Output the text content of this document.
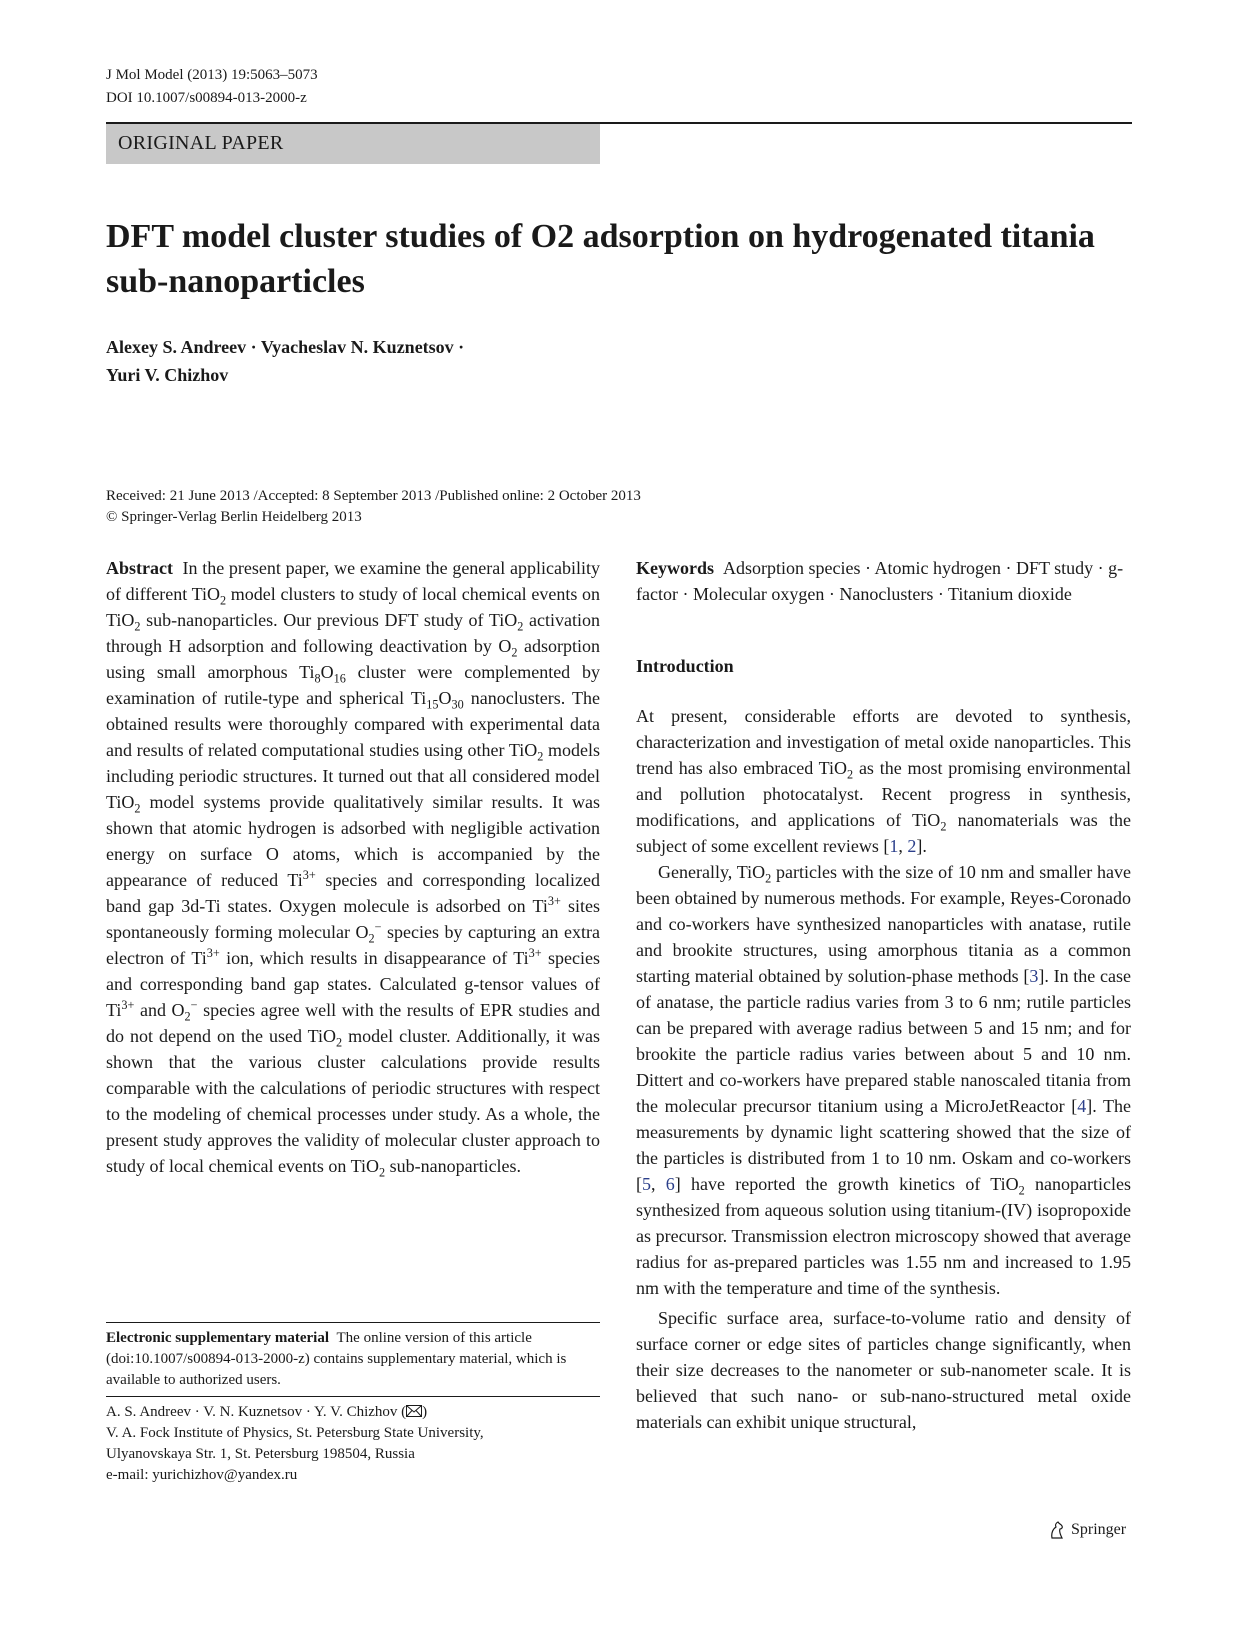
J Mol Model (2013) 19:5063–5073
DOI 10.1007/s00894-013-2000-z
ORIGINAL PAPER
DFT model cluster studies of O2 adsorption on hydrogenated titania sub-nanoparticles
Alexey S. Andreev · Vyacheslav N. Kuznetsov ·
Yuri V. Chizhov
Received: 21 June 2013 /Accepted: 8 September 2013 /Published online: 2 October 2013
© Springer-Verlag Berlin Heidelberg 2013

Abstract In the present paper, we examine the general applicability of different TiO$_2$ model clusters to study of local chemical events on TiO$_2$ sub-nanoparticles. Our previous DFT study of TiO$_2$ activation through H adsorption and following deactivation by $O_2$ adsorption using small amorphous $Ti_8O_{16}$ cluster were complemented by examination of rutile-type and spherical $Ti_{15}O_{30}$ nanoclusters. The obtained results were thoroughly compared with experimental data and results of related computational studies using other TiO$_2$ models including periodic structures. It turned out that all considered model TiO$_2$ model systems provide qualitatively similar results. It was shown that atomic hydrogen is adsorbed with negligible activation energy on surface O atoms, which is accompanied by the appearance of reduced $Ti^{3+}$ species and corresponding localized band gap 3d-Ti states. Oxygen molecule is adsorbed on $Ti^{3+}$ sites spontaneously forming molecular $O_2^-$ species by capturing an extra electron of $Ti^{3+}$ ion, which results in disappearance of $Ti^{3+}$ species and corresponding band gap states. Calculated g-tensor values of $Ti^{3+}$ and $O_2^-$ species agree well with the results of EPR studies and do not depend on the used TiO$_2$ model cluster. Additionally, it was shown that the various cluster calculations provide results comparable with the calculations of periodic structures with respect to the modeling of chemical processes under study. As a whole, the present study approves the validity of molecular cluster approach to study of local chemical events on TiO$_2$ sub-nanoparticles.

Electronic supplementary material The online version of this article (doi:10.1007/s00894-013-2000-z) contains supplementary material, which is available to authorized users.
A. S. Andreev · V. N. Kuznetsov · Y. V. Chizhov ( )
V. A. Fock Institute of Physics, St. Petersburg State University,
Ulyanovskaya Str. 1, St. Petersburg 198504, Russia
e-mail: yurichizhov@yandex.ru

Keywords Adsorption species · Atomic hydrogen · DFT study · g-factor · Molecular oxygen · Nanoclusters · Titanium dioxide

Introduction

At present, considerable efforts are devoted to synthesis, characterization and investigation of metal oxide nanoparticles. This trend has also embraced TiO$_2$ as the most promising environmental and pollution photocatalyst. Recent progress in synthesis, modifications, and applications of TiO$_2$ nanomaterials was the subject of some excellent reviews [1, 2].

Generally, TiO$_2$ particles with the size of 10 nm and smaller have been obtained by numerous methods. For example, Reyes-Coronado and co-workers have synthesized nanoparticles with anatase, rutile and brookite structures, using amorphous titania as a common starting material obtained by solution-phase methods [3]. In the case of anatase, the particle radius varies from 3 to 6 nm; rutile particles can be prepared with average radius between 5 and 15 nm; and for brookite the particle radius varies between about 5 and 10 nm. Dittert and co-workers have prepared stable nanoscaled titania from the molecular precursor titanium using a MicroJetReactor [4]. The measurements by dynamic light scattering showed that the size of the particles is distributed from 1 to 10 nm. Oskam and co-workers [5, 6] have reported the growth kinetics of TiO$_2$ nanoparticles synthesized from aqueous solution using titanium-(IV) isopropoxide as precursor. Transmission electron microscopy showed that average radius for as-prepared particles was 1.55 nm and increased to 1.95 nm with the temperature and time of the synthesis.

Specific surface area, surface-to-volume ratio and density of surface corner or edge sites of particles change significantly, when their size decreases to the nanometer or sub-nanometer scale. It is believed that such nano- or sub-nano-structured metal oxide materials can exhibit unique structural,

Springer
